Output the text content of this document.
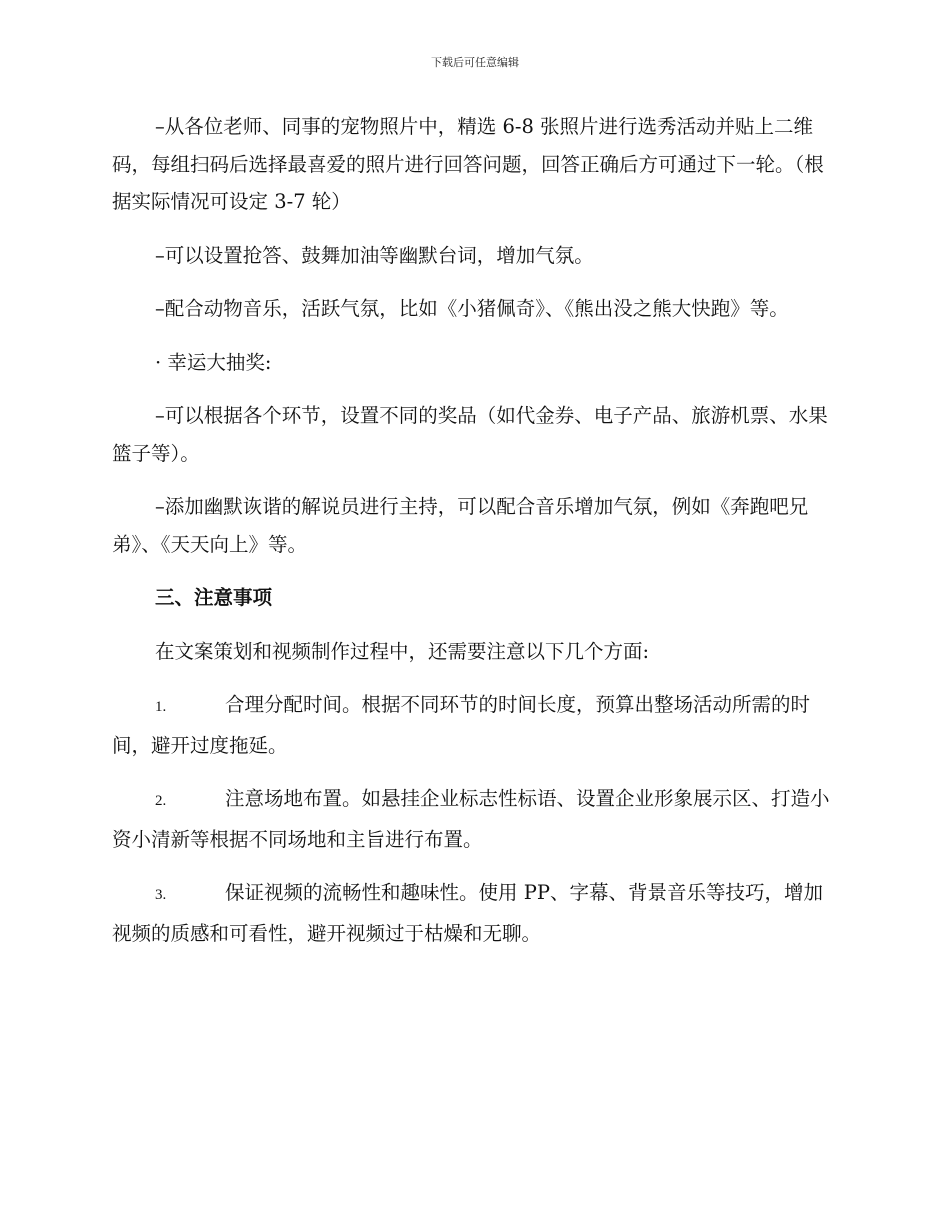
下载后可任意编辑

–从各位老师、同事的宠物照片中，精选 6-8 张照片进行选秀活动并贴上二维码，每组扫码后选择最喜爱的照片进行回答问题，回答正确后方可通过下一轮。（根据实际情况可设定 3-7 轮）

–可以设置抢答、鼓舞加油等幽默台词，增加气氛。

–配合动物音乐，活跃气氛，比如《小猪佩奇》、《熊出没之熊大快跑》等。

· 幸运大抽奖:

–可以根据各个环节，设置不同的奖品（如代金券、电子产品、旅游机票、水果篮子等）。

–添加幽默诙谐的解说员进行主持，可以配合音乐增加气氛，例如《奔跑吧兄弟》、《天天向上》等。

三、注意事项

在文案策划和视频制作过程中，还需要注意以下几个方面:

1.	合理分配时间。根据不同环节的时间长度，预算出整场活动所需的时间，避开过度拖延。

2.	注意场地布置。如悬挂企业标志性标语、设置企业形象展示区、打造小资小清新等根据不同场地和主旨进行布置。

3.	保证视频的流畅性和趣味性。使用 PP、字幕、背景音乐等技巧，增加视频的质感和可看性，避开视频过于枯燥和无聊。
